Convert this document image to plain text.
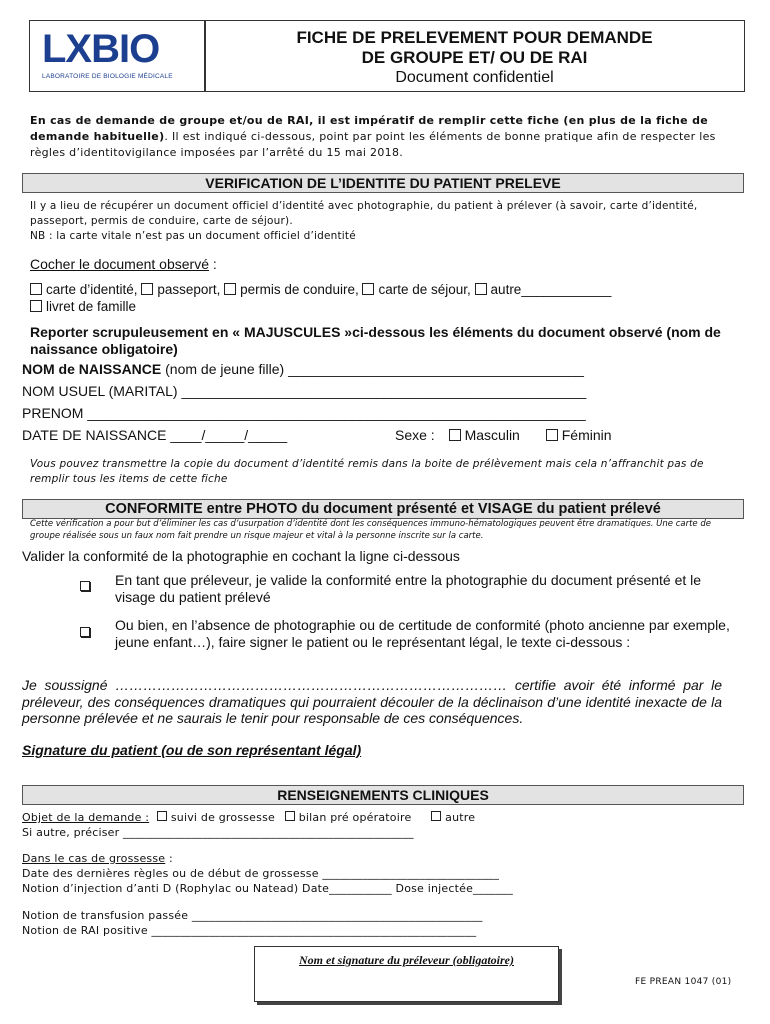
LXBIO
LABORATOIRE DE BIOLOGIE MÉDICALE
FICHE DE PRELEVEMENT POUR DEMANDE
DE GROUPE ET/ OU DE RAI
Document confidentiel
En cas de demande de groupe et/ou de RAI, il est impératif de remplir cette fiche (en plus de la fiche de demande habituelle). Il est indiqué ci-dessous, point par point les éléments de bonne pratique afin de respecter les règles d’identitovigilance imposées par l’arrêté du 15 mai 2018.
VERIFICATION DE L’IDENTITE DU PATIENT PRELEVE
Il y a lieu de récupérer un document officiel d’identité avec photographie, du patient à prélever (à savoir, carte d’identité, passeport, permis de conduire, carte de séjour).
NB : la carte vitale n’est pas un document officiel d’identité
Cocher le document observé :
carte d’identité, passeport, permis de conduire, carte de séjour, autre____________
livret de famille
Reporter scrupuleusement en « MAJUSCULES »ci-dessous les éléments du document observé (nom de naissance obligatoire)
NOM de NAISSANCE (nom de jeune fille) ______________________________________
NOM USUEL (MARITAL) ____________________________________________________
PRENOM ________________________________________________________________
DATE DE NAISSANCE ____/_____/_____	Sexe : Masculin	Féminin
Vous pouvez transmettre la copie du document d’identité remis dans la boite de prélèvement mais cela n’affranchit pas de remplir tous les items de cette fiche
CONFORMITE entre PHOTO du document présenté et VISAGE du patient prélevé
Cette vérification a pour but d’éliminer les cas d’usurpation d’identité dont les conséquences immuno-hématologiques peuvent être dramatiques. Une carte de groupe réalisée sous un faux nom fait prendre un risque majeur et vital à la personne inscrite sur la carte.
Valider la conformité de la photographie en cochant la ligne ci-dessous
En tant que préleveur, je valide la conformité entre la photographie du document présenté et le visage du patient prélevé
Ou bien, en l’absence de photographie ou de certitude de conformité (photo ancienne par exemple, jeune enfant…), faire signer le patient ou le représentant légal, le texte ci-dessous :
Je soussigné ………………………………………………………………………… certifie avoir été informé par le préleveur, des conséquences dramatiques qui pourraient découler de la déclinaison d’une identité inexacte de la personne prélevée et ne saurais le tenir pour responsable de ces conséquences.
Signature du patient (ou de son représentant légal)
RENSEIGNEMENTS CLINIQUES
Objet de la demande : suivi de grossesse bilan pré opératoire	autre
Si autre, préciser ___________________________________________________
Dans le cas de grossesse :
Date des dernières règles ou de début de grossesse _______________________________
Notion d’injection d’anti D (Rophylac ou Natead) Date___________ Dose injectée_______
Notion de transfusion passée ___________________________________________________
Notion de RAI positive _________________________________________________________
Nom et signature du préleveur (obligatoire)
FE PREAN 1047 (01)
